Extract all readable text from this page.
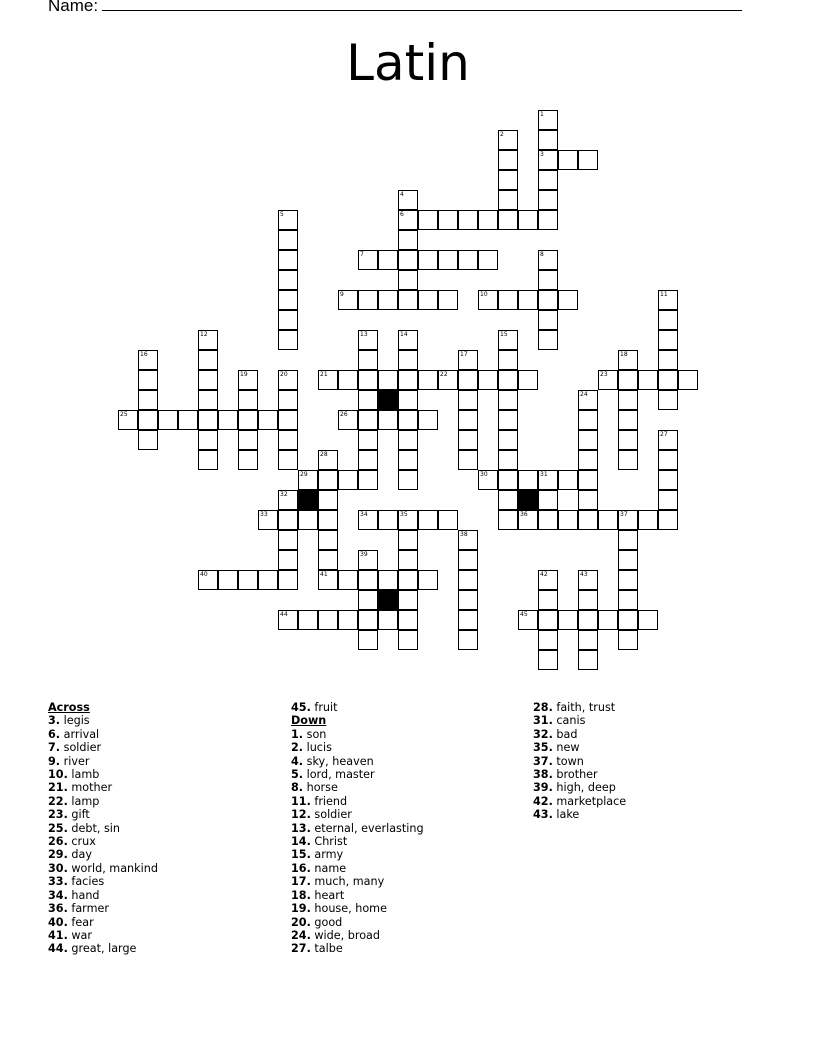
Name:
Latin
1
3
2
4
6
5
7	8
9	10	11
12	13	14	15
16	17	18
19	20	21	22	23
24
25	26
27
28
29	30	31
32
33	34	35	36	37
38
39
40	41	42	43
44	45
Across
3. legis
6. arrival
7. soldier
9. river
10. lamb
21. mother
22. lamp
23. gift
25. debt, sin
26. crux
29. day
30. world, mankind
33. facies
34. hand
36. farmer
40. fear
41. war
44. great, large
45. fruit
Down
1. son
2. lucis
4. sky, heaven
5. lord, master
8. horse
11. friend
12. soldier
13. eternal, everlasting
14. Christ
15. army
16. name
17. much, many
18. heart
19. house, home
20. good
24. wide, broad
27. talbe
28. faith, trust
31. canis
32. bad
35. new
37. town
38. brother
39. high, deep
42. marketplace
43. lake
